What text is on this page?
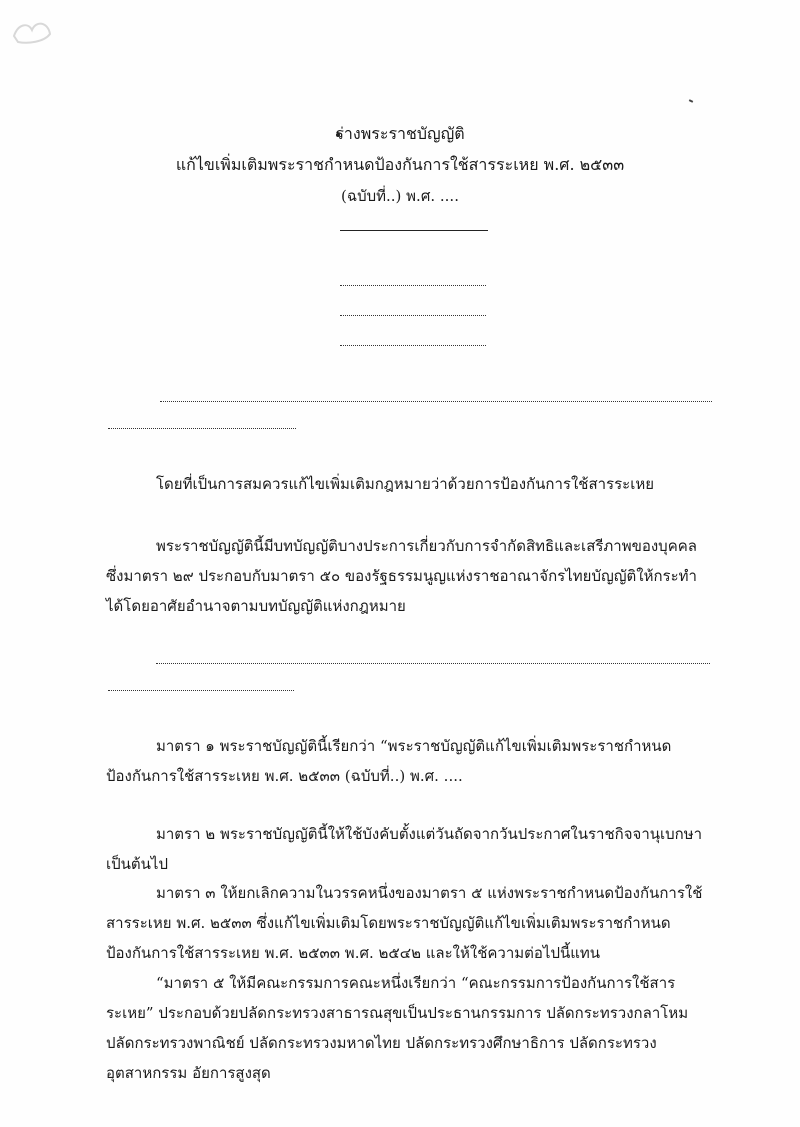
ร่างพระราชบัญญัติ
แก้ไขเพิ่มเติมพระราชกำหนดป้องกันการใช้สารระเหย พ.ศ. ๒๕๓๓
(ฉบับที่..) พ.ศ. ....
โดยที่เป็นการสมควรแก้ไขเพิ่มเติมกฎหมายว่าด้วยการป้องกันการใช้สารระเหย
พระราชบัญญัตินี้มีบทบัญญัติบางประการเกี่ยวกับการจำกัดสิทธิและเสรีภาพของบุคคล ซึ่งมาตรา ๒๙ ประกอบกับมาตรา ๕๐ ของรัฐธรรมนูญแห่งราชอาณาจักรไทยบัญญัติให้กระทำได้โดยอาศัยอำนาจตามบทบัญญัติแห่งกฎหมาย
มาตรา ๑ พระราชบัญญัตินี้เรียกว่า “พระราชบัญญัติแก้ไขเพิ่มเติมพระราชกำหนดป้องกันการใช้สารระเหย พ.ศ. ๒๕๓๓ (ฉบับที่..) พ.ศ. ....
มาตรา ๒ พระราชบัญญัตินี้ให้ใช้บังคับตั้งแต่วันถัดจากวันประกาศในราชกิจจานุเบกษาเป็นต้นไป
มาตรา ๓ ให้ยกเลิกความในวรรคหนึ่งของมาตรา ๕ แห่งพระราชกำหนดป้องกันการใช้สารระเหย พ.ศ. ๒๕๓๓ ซึ่งแก้ไขเพิ่มเติมโดยพระราชบัญญัติแก้ไขเพิ่มเติมพระราชกำหนดป้องกันการใช้สารระเหย พ.ศ. ๒๕๓๓ พ.ศ. ๒๕๔๒ และให้ใช้ความต่อไปนี้แทน
“มาตรา ๕ ให้มีคณะกรรมการคณะหนึ่งเรียกว่า “คณะกรรมการป้องกันการใช้สารระเหย” ประกอบด้วยปลัดกระทรวงสาธารณสุขเป็นประธานกรรมการ ปลัดกระทรวงกลาโหม ปลัดกระทรวงพาณิชย์ ปลัดกระทรวงมหาดไทย ปลัดกระทรวงศึกษาธิการ ปลัดกระทรวงอุตสาหกรรม อัยการสูงสุด
